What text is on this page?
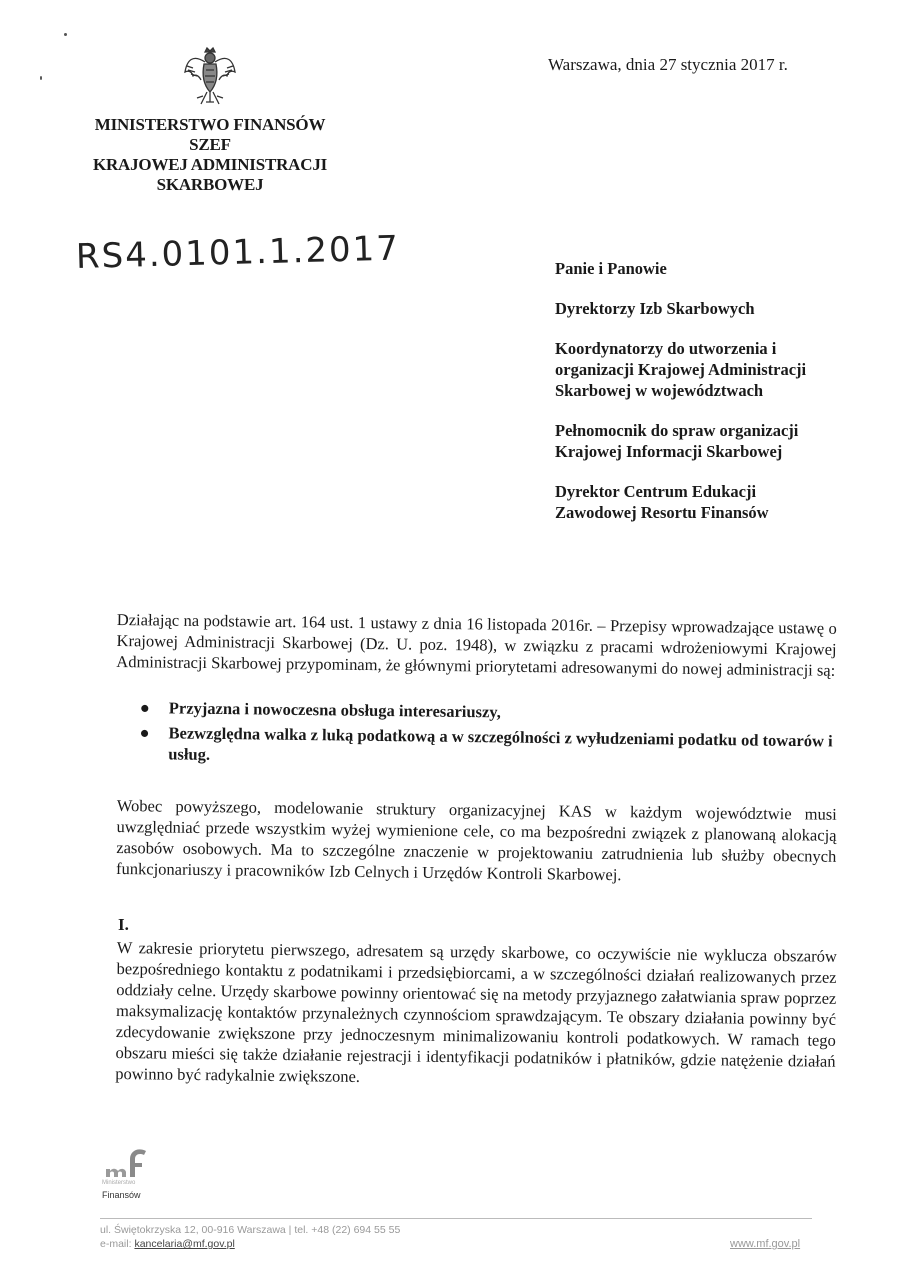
MINISTERSTWO FINANSÓW
SZEF
KRAJOWEJ ADMINISTRACJI
SKARBOWEJ
Warszawa, dnia 27 stycznia 2017 r.
RS4.0101.1.2017	Panie i Panowie
Dyrektorzy Izb Skarbowych
Koordynatorzy do utworzenia i
organizacji Krajowej Administracji
Skarbowej w województwach
Pełnomocnik do spraw organizacji
Krajowej Informacji Skarbowej
Dyrektor Centrum Edukacji
Zawodowej Resortu Finansów
Działając na podstawie art. 164 ust. 1 ustawy z dnia 16 listopada 2016r. – Przepisy wprowadzające ustawę o Krajowej Administracji Skarbowej (Dz. U. poz. 1948), w związku z pracami wdrożeniowymi Krajowej Administracji Skarbowej przypominam, że głównymi priorytetami adresowanymi do nowej administracji są:
● Przyjazna i nowoczesna obsługa interesariuszy,
● Bezwzględna walka z luką podatkową a w szczególności z wyłudzeniami podatku od towarów i usług.
Wobec powyższego, modelowanie struktury organizacyjnej KAS w każdym województwie musi uwzględniać przede wszystkim wyżej wymienione cele, co ma bezpośredni związek z planowaną alokacją zasobów osobowych. Ma to szczególne znaczenie w projektowaniu zatrudnienia lub służby obecnych funkcjonariuszy i pracowników Izb Celnych i Urzędów Kontroli Skarbowej.
I.
W zakresie priorytetu pierwszego, adresatem są urzędy skarbowe, co oczywiście nie wyklucza obszarów bezpośredniego kontaktu z podatnikami i przedsiębiorcami, a w szczególności działań realizowanych przez oddziały celne. Urzędy skarbowe powinny orientować się na metody przyjaznego załatwiania spraw poprzez maksymalizację kontaktów przynależnych czynnościom sprawdzającym. Te obszary działania powinny być zdecydowanie zwiększone przy jednoczesnym minimalizowaniu kontroli podatkowych. W ramach tego obszaru mieści się także działanie rejestracji i identyfikacji podatników i płatników, gdzie natężenie działań powinno być radykalnie zwiększone.
Ministerstwo
Finansów
ul. Świętokrzyska 12, 00-916 Warszawa | tel. +48 (22) 694 55 55
e-mail: kancelaria@mf.gov.pl	www.mf.gov.pl
